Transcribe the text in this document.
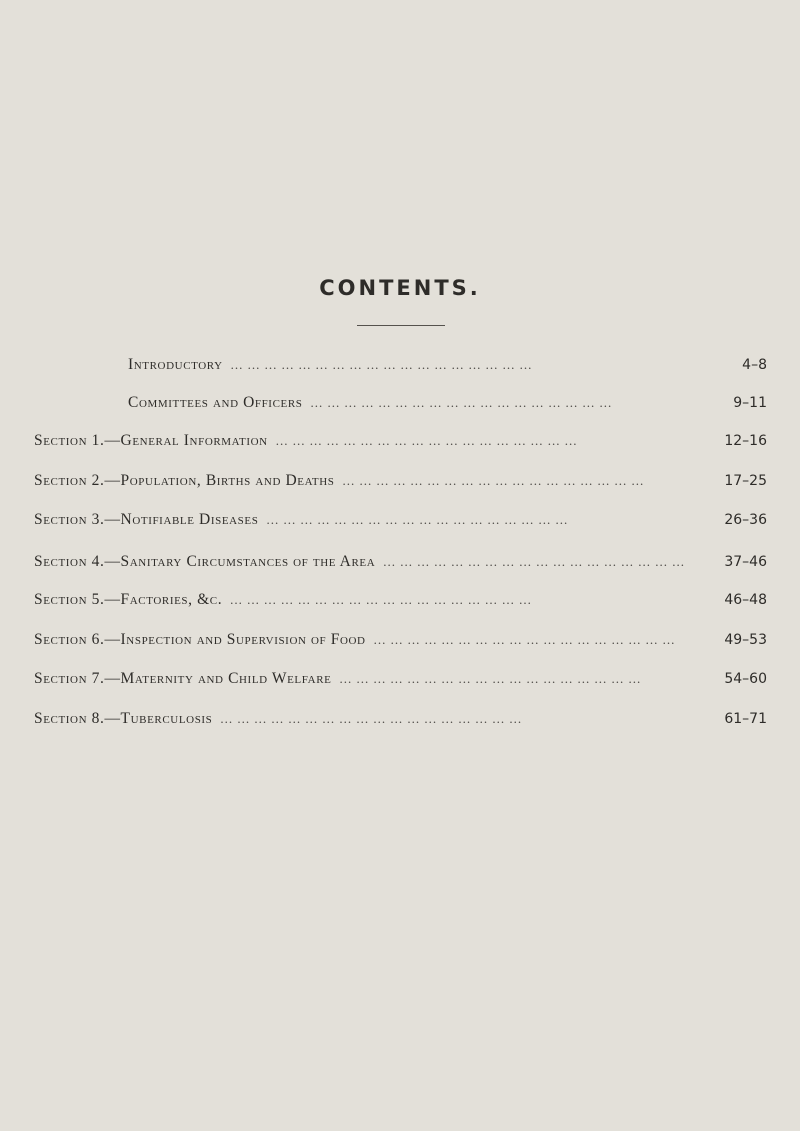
CONTENTS.
Introductory ... ... ... ... ... ... ... ... ... ... ... ... ... ... ... ... ... ...	4–8
Committees and Officers ... ... ... ... ... ... ... ... ... ... ... ... ... ... ... ... ... ...	9–11
Section 1.—General Information ... ... ... ... ... ... ... ... ... ... ... ... ... ... ... ... ... ...	12–16
Section 2.—Population, Births and Deaths ... ... ... ... ... ... ... ... ... ... ... ... ... ... ... ... ... ...	17–25
Section 3.—Notifiable Diseases ... ... ... ... ... ... ... ... ... ... ... ... ... ... ... ... ... ...	26–36
Section 4.—Sanitary Circumstances of the Area ... ... ... ... ... ... ... ... ... ... ... ... ... ... ... ... ... ...	37–46
Section 5.—Factories, &c. ... ... ... ... ... ... ... ... ... ... ... ... ... ... ... ... ... ...	46–48
Section 6.—Inspection and Supervision of Food ... ... ... ... ... ... ... ... ... ... ... ... ... ... ... ... ... ...	49–53
Section 7.—Maternity and Child Welfare ... ... ... ... ... ... ... ... ... ... ... ... ... ... ... ... ... ...	54–60
Section 8.—Tuberculosis ... ... ... ... ... ... ... ... ... ... ... ... ... ... ... ... ... ...	61–71
